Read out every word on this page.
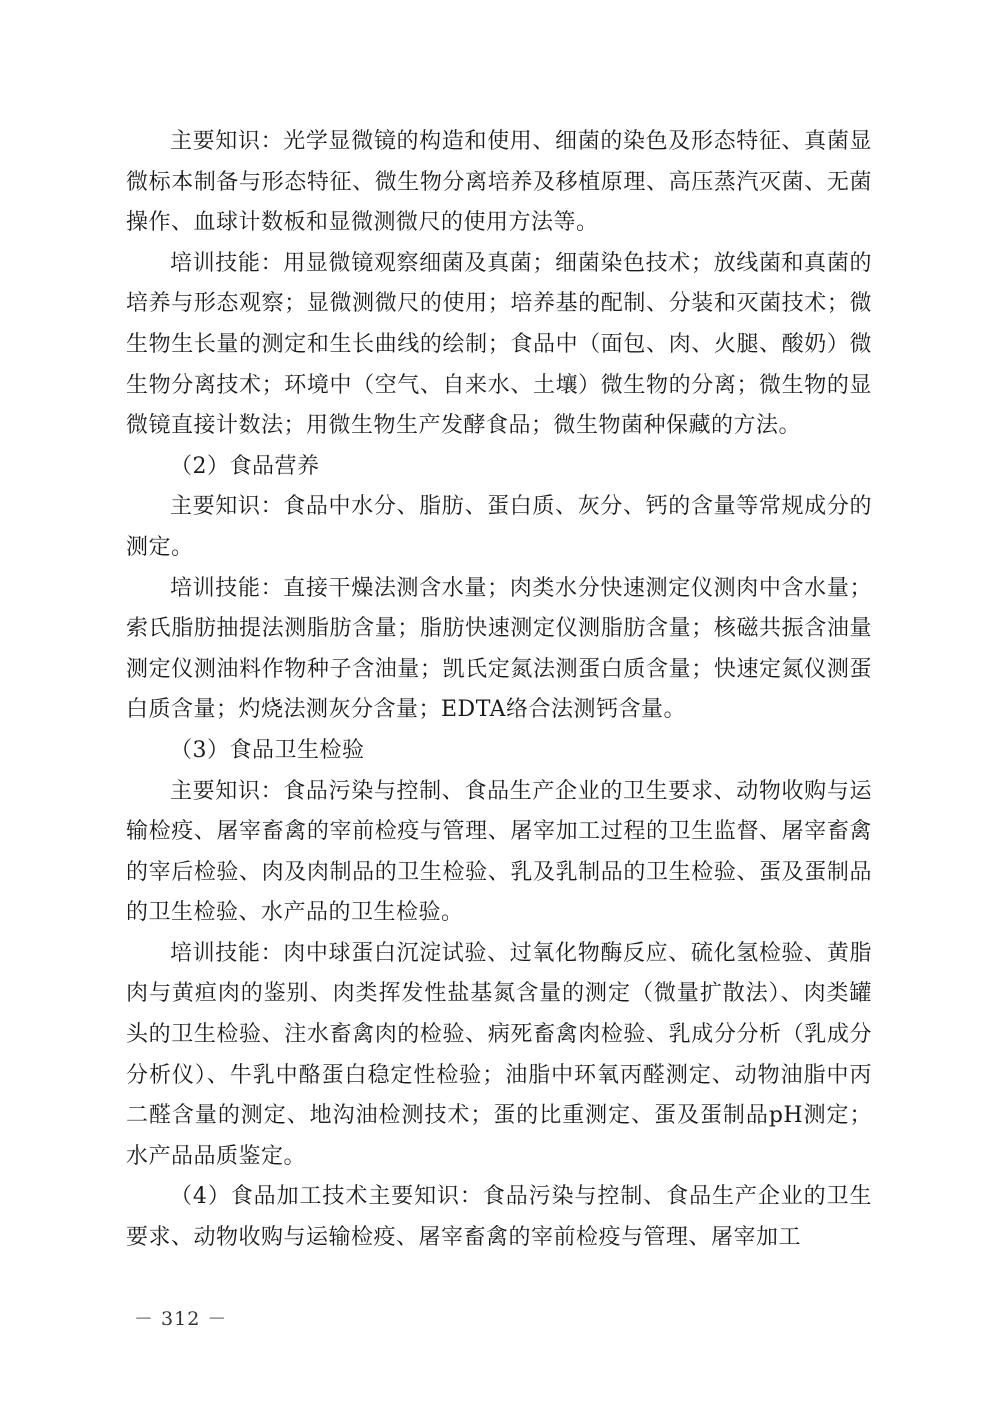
主要知识：光学显微镜的构造和使用、细菌的染色及形态特征、真菌显微标本制备与形态特征、微生物分离培养及移植原理、高压蒸汽灭菌、无菌操作、血球计数板和显微测微尺的使用方法等。

培训技能：用显微镜观察细菌及真菌；细菌染色技术；放线菌和真菌的培养与形态观察；显微测微尺的使用；培养基的配制、分装和灭菌技术；微生物生长量的测定和生长曲线的绘制；食品中（面包、肉、火腿、酸奶）微生物分离技术；环境中（空气、自来水、土壤）微生物的分离；微生物的显微镜直接计数法；用微生物生产发酵食品；微生物菌种保藏的方法。

（2）食品营养

主要知识：食品中水分、脂肪、蛋白质、灰分、钙的含量等常规成分的测定。

培训技能：直接干燥法测含水量；肉类水分快速测定仪测肉中含水量；索氏脂肪抽提法测脂肪含量；脂肪快速测定仪测脂肪含量；核磁共振含油量测定仪测油料作物种子含油量；凯氏定氮法测蛋白质含量；快速定氮仪测蛋白质含量；灼烧法测灰分含量；EDTA络合法测钙含量。

（3）食品卫生检验

主要知识：食品污染与控制、食品生产企业的卫生要求、动物收购与运输检疫、屠宰畜禽的宰前检疫与管理、屠宰加工过程的卫生监督、屠宰畜禽的宰后检验、肉及肉制品的卫生检验、乳及乳制品的卫生检验、蛋及蛋制品的卫生检验、水产品的卫生检验。

培训技能：肉中球蛋白沉淀试验、过氧化物酶反应、硫化氢检验、黄脂肉与黄疸肉的鉴别、肉类挥发性盐基氮含量的测定（微量扩散法）、肉类罐头的卫生检验、注水畜禽肉的检验、病死畜禽肉检验、乳成分分析（乳成分分析仪）、牛乳中酪蛋白稳定性检验；油脂中环氧丙醛测定、动物油脂中丙二醛含量的测定、地沟油检测技术；蛋的比重测定、蛋及蛋制品pH测定；水产品品质鉴定。

（4）食品加工技术主要知识：食品污染与控制、食品生产企业的卫生要求、动物收购与运输检疫、屠宰畜禽的宰前检疫与管理、屠宰加工

－ 312 －
